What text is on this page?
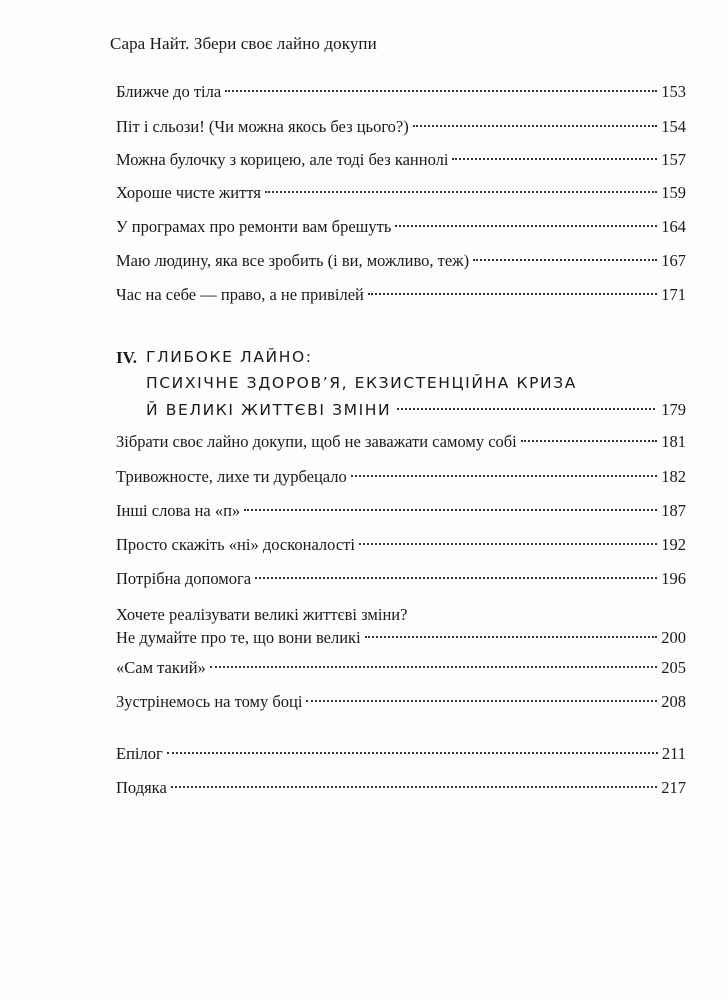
Сара Найт. Збери своє лайно докупи
Ближче до тіла	153
Піт і сльози! (Чи можна якось без цього?)	154
Можна булочку з корицею, але тоді без каннолі	157
Хороше чисте життя	159
У програмах про ремонти вам брешуть	164
Маю людину, яка все зробить (і ви, можливо, теж)	167
Час на себе — право, а не привілей	171
IV. ГЛИБОКЕ ЛАЙНО:
ПСИХІЧНЕ ЗДОРОВ’Я, ЕКЗИСТЕНЦІЙНА КРИЗА
Й ВЕЛИКІ ЖИТТЄВІ ЗМІНИ	179
Зібрати своє лайно докупи, щоб не заважати самому собі	181
Тривожносте, лихе ти дурбецало	182
Інші слова на «п»	187
Просто скажіть «ні» досконалості	192
Потрібна допомога	196
Хочете реалізувати великі життєві зміни?
Не думайте про те, що вони великі	200
«Сам такий»	205
Зустрінемось на тому боці	208
Епілог	211
Подяка	217
